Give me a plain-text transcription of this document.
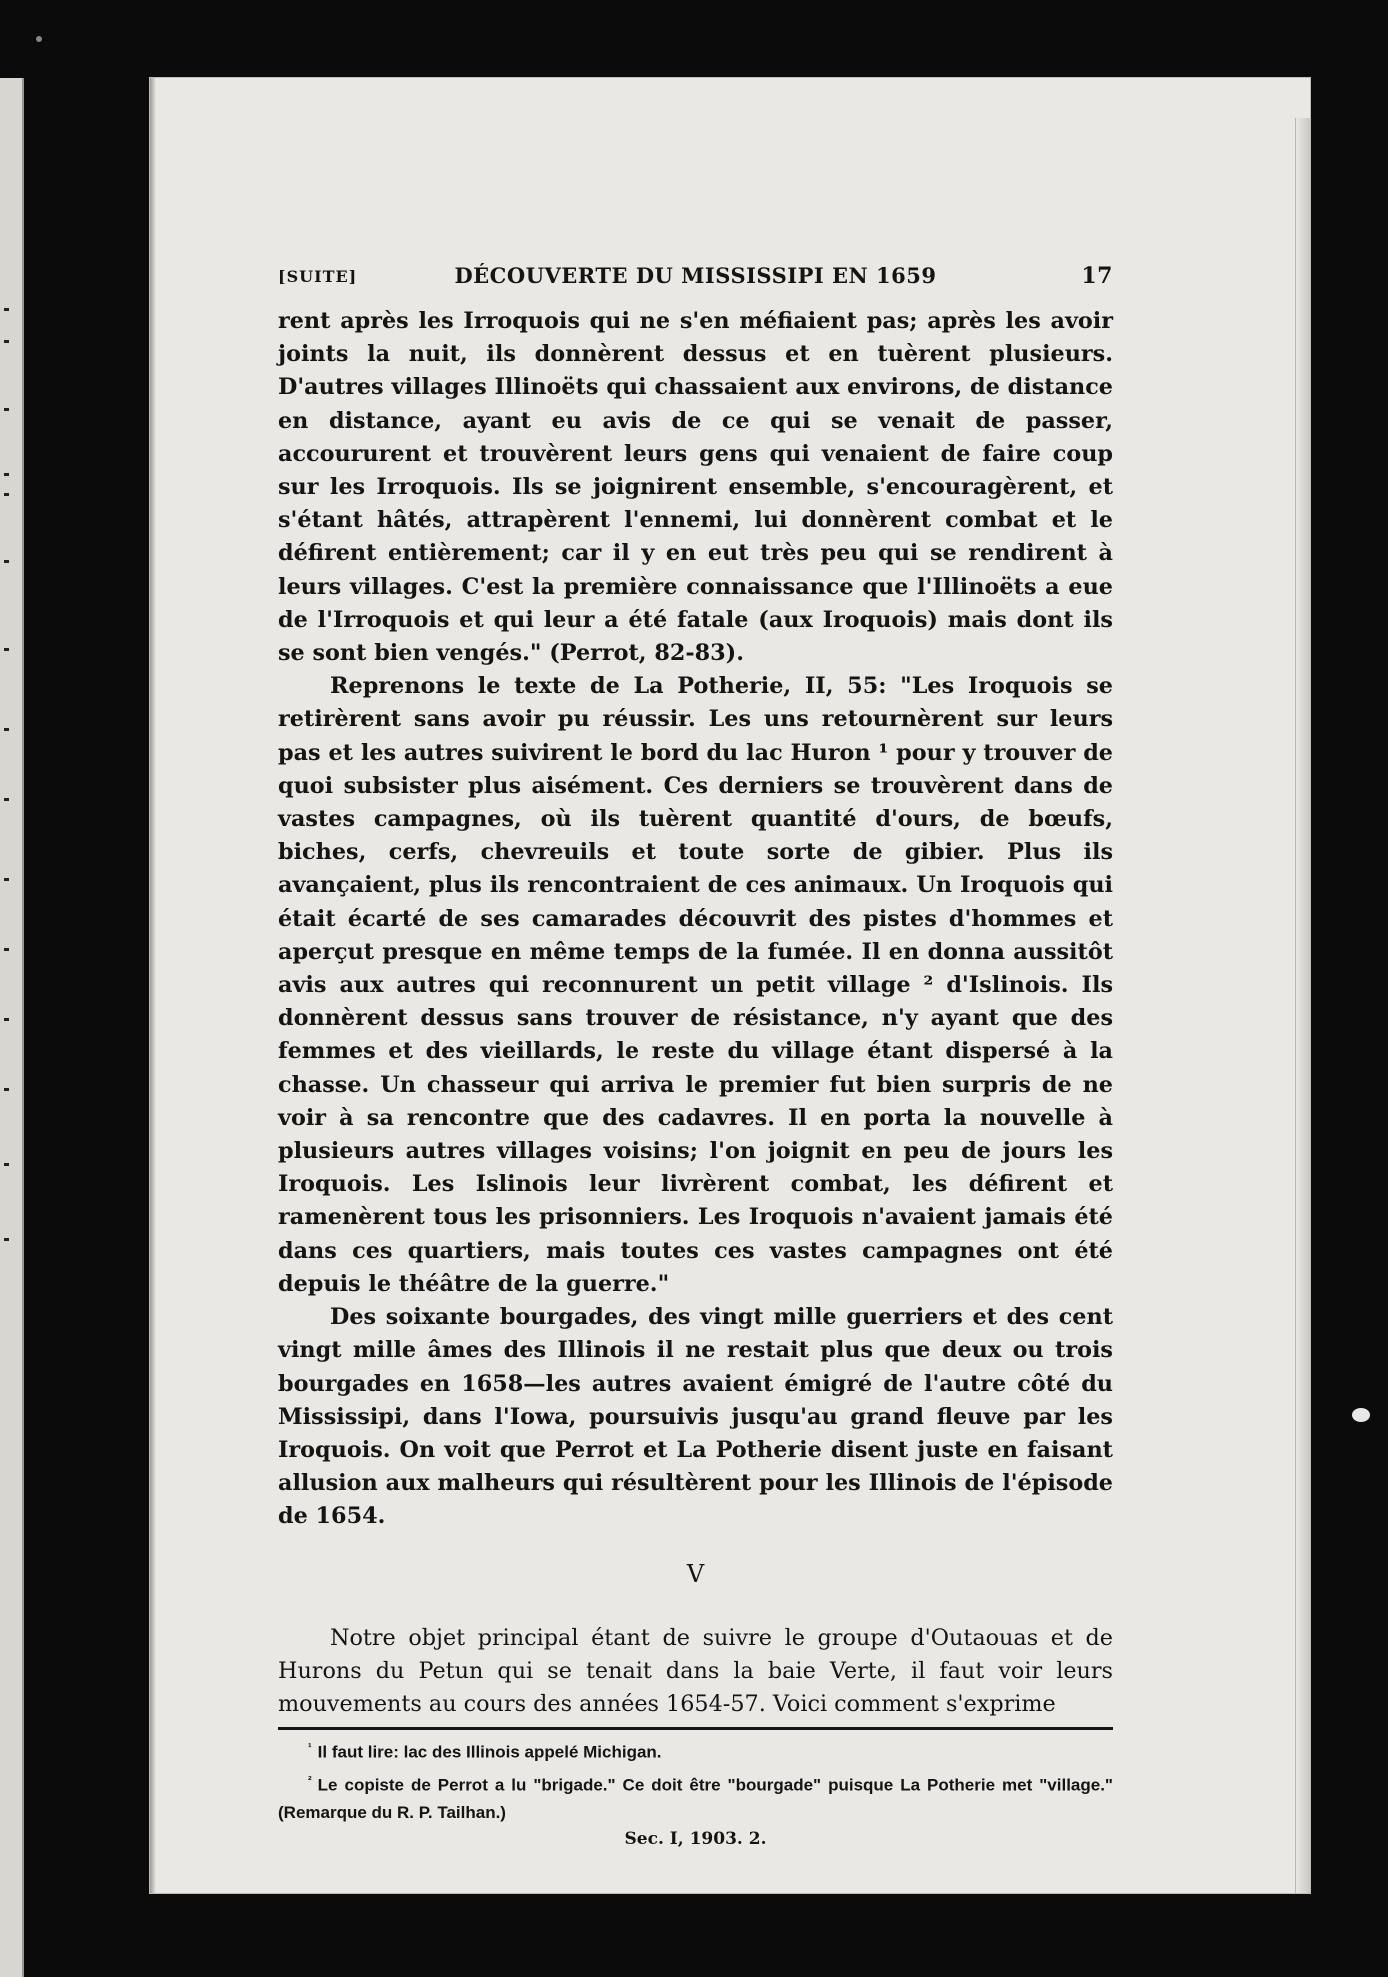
[SUITE]	DÉCOUVERTE DU MISSISSIPI EN 1659	17

rent après les Irroquois qui ne s'en méfiaient pas; après les avoir joints la nuit, ils donnèrent dessus et en tuèrent plusieurs. D'autres villages Illinoëts qui chassaient aux environs, de distance en distance, ayant eu avis de ce qui se venait de passer, accoururent et trouvèrent leurs gens qui venaient de faire coup sur les Irroquois. Ils se joignirent ensemble, s'encouragèrent, et s'étant hâtés, attrapèrent l'ennemi, lui donnèrent combat et le défirent entièrement; car il y en eut très peu qui se rendirent à leurs villages. C'est la première connaissance que l'Illinoëts a eue de l'Irroquois et qui leur a été fatale (aux Iroquois) mais dont ils se sont bien vengés." (Perrot, 82-83).

Reprenons le texte de La Potherie, II, 55: "Les Iroquois se retirèrent sans avoir pu réussir. Les uns retournèrent sur leurs pas et les autres suivirent le bord du lac Huron ¹ pour y trouver de quoi subsister plus aisément. Ces derniers se trouvèrent dans de vastes campagnes, où ils tuèrent quantité d'ours, de bœufs, biches, cerfs, chevreuils et toute sorte de gibier. Plus ils avançaient, plus ils rencontraient de ces animaux. Un Iroquois qui était écarté de ses camarades découvrit des pistes d'hommes et aperçut presque en même temps de la fumée. Il en donna aussitôt avis aux autres qui reconnurent un petit village ² d'Islinois. Ils donnèrent dessus sans trouver de résistance, n'y ayant que des femmes et des vieillards, le reste du village étant dispersé à la chasse. Un chasseur qui arriva le premier fut bien surpris de ne voir à sa rencontre que des cadavres. Il en porta la nouvelle à plusieurs autres villages voisins; l'on joignit en peu de jours les Iroquois. Les Islinois leur livrèrent combat, les défirent et ramenèrent tous les prisonniers. Les Iroquois n'avaient jamais été dans ces quartiers, mais toutes ces vastes campagnes ont été depuis le théâtre de la guerre."

Des soixante bourgades, des vingt mille guerriers et des cent vingt mille âmes des Illinois il ne restait plus que deux ou trois bourgades en 1658—les autres avaient émigré de l'autre côté du Mississipi, dans l'Iowa, poursuivis jusqu'au grand fleuve par les Iroquois. On voit que Perrot et La Potherie disent juste en faisant allusion aux malheurs qui résultèrent pour les Illinois de l'épisode de 1654.

V

Notre objet principal étant de suivre le groupe d'Outaouas et de Hurons du Petun qui se tenait dans la baie Verte, il faut voir leurs mouvements au cours des années 1654-57. Voici comment s'exprime

$^{^1}$ Il faut lire: lac des Illinois appelé Michigan.

$^{^2}$ Le copiste de Perrot a lu "brigade." Ce doit être "bourgade" puisque La Potherie met "village." (Remarque du R. P. Tailhan.)

Sec. I, 1903. 2.
